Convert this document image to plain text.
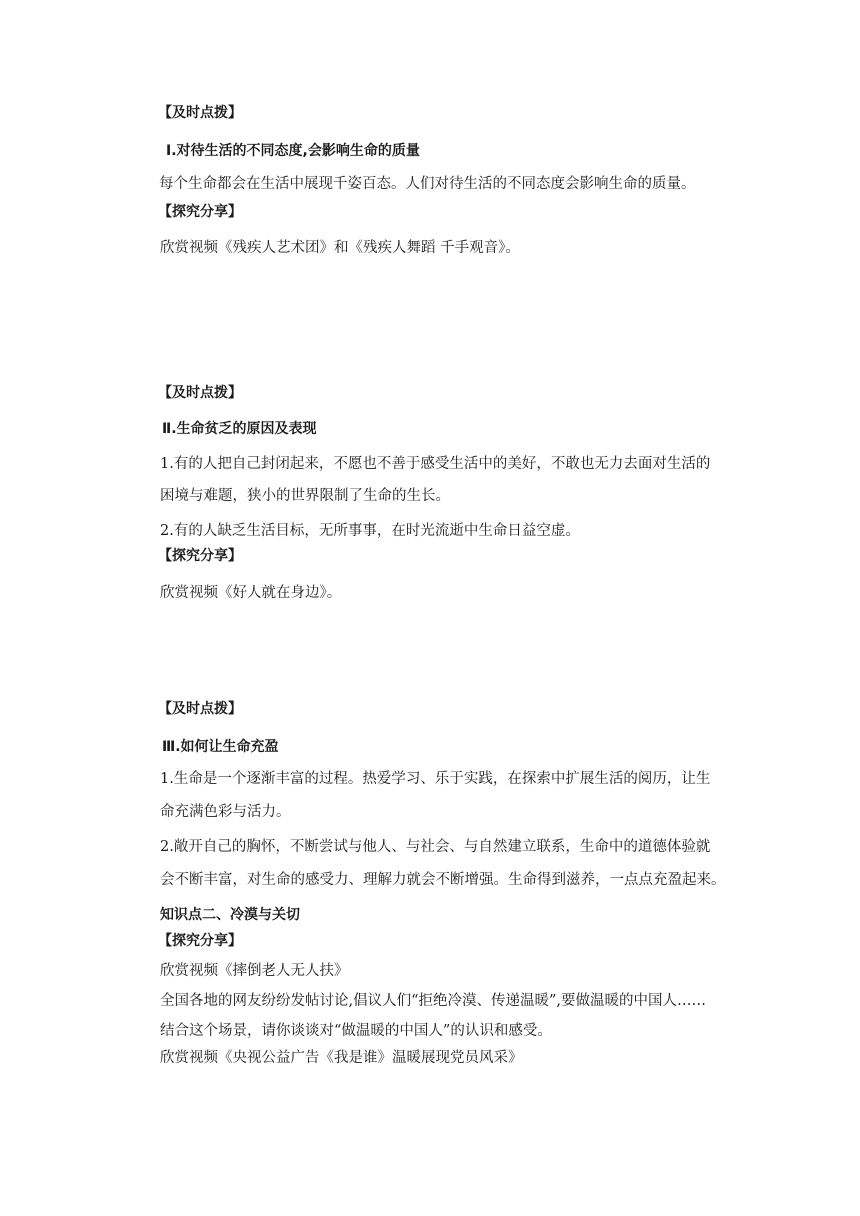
【及时点拨】
Ⅰ.对待生活的不同态度,会影响生命的质量
每个生命都会在生活中展现千姿百态。人们对待生活的不同态度会影响生命的质量。
【探究分享】
欣赏视频《残疾人艺术团》和《残疾人舞蹈 千手观音》。
【及时点拨】
Ⅱ.生命贫乏的原因及表现
1.有的人把自己封闭起来，不愿也不善于感受生活中的美好，不敢也无力去面对生活的
困境与难题，狭小的世界限制了生命的生长。
2.有的人缺乏生活目标，无所事事，在时光流逝中生命日益空虚。
【探究分享】
欣赏视频《好人就在身边》。
【及时点拨】
Ⅲ.如何让生命充盈
1.生命是一个逐渐丰富的过程。热爱学习、乐于实践，在探索中扩展生活的阅历，让生
命充满色彩与活力。
2.敞开自己的胸怀，不断尝试与他人、与社会、与自然建立联系，生命中的道德体验就
会不断丰富，对生命的感受力、理解力就会不断增强。生命得到滋养，一点点充盈起来。
知识点二、冷漠与关切
【探究分享】
欣赏视频《摔倒老人无人扶》
全国各地的网友纷纷发帖讨论,倡议人们“拒绝冷漠、传递温暖”,要做温暖的中国人……
结合这个场景，请你谈谈对“做温暖的中国人”的认识和感受。
欣赏视频《央视公益广告《我是谁》温暖展现党员风采》
